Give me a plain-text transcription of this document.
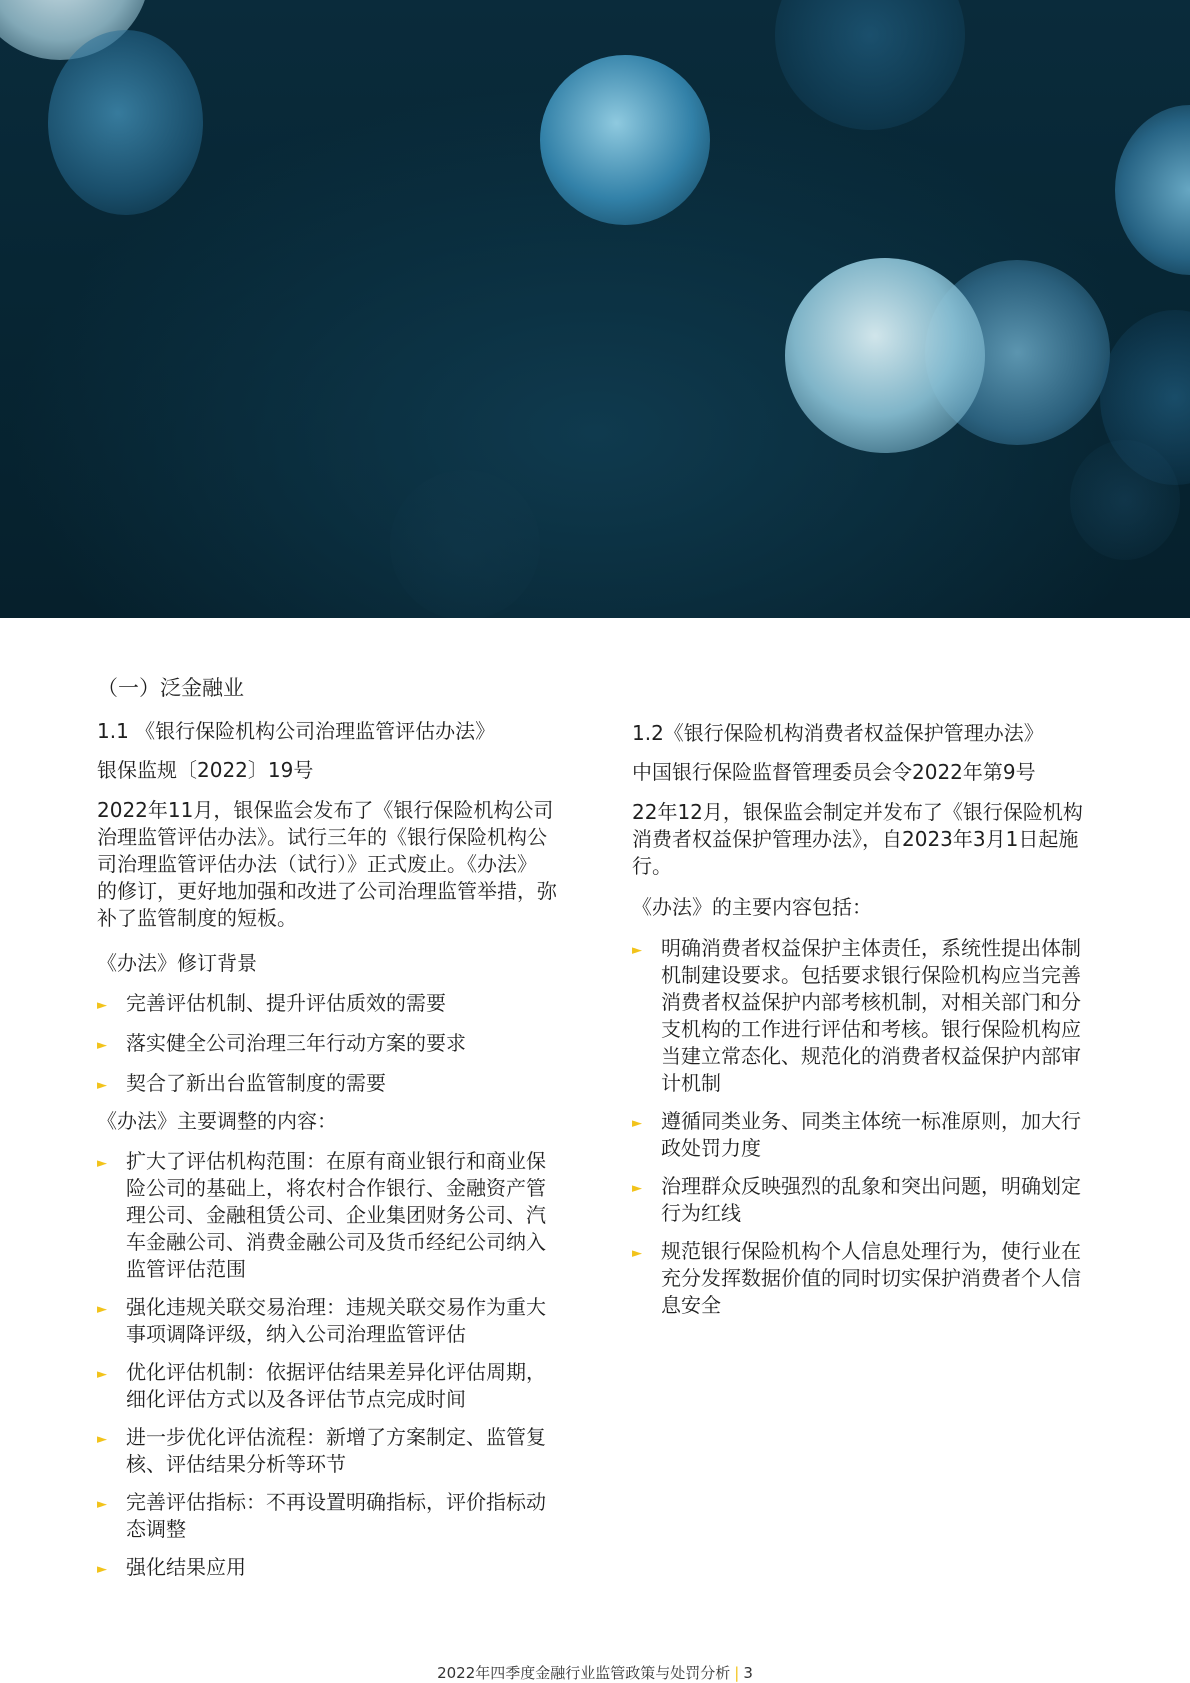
（一）泛金融业

1.1 《银行保险机构公司治理监管评估办法》

银保监规〔2022〕19号

2022年11月，银保监会发布了《银行保险机构公司
治理监管评估办法》。试行三年的《银行保险机构公
司治理监管评估办法（试行）》正式废止。《办法》
的修订，更好地加强和改进了公司治理监管举措，弥
补了监管制度的短板。

《办法》修订背景

► 完善评估机制、提升评估质效的需要
► 落实健全公司治理三年行动方案的要求
► 契合了新出台监管制度的需要

《办法》主要调整的内容：

► 扩大了评估机构范围：在原有商业银行和商业保
险公司的基础上，将农村合作银行、金融资产管
理公司、金融租赁公司、企业集团财务公司、汽
车金融公司、消费金融公司及货币经纪公司纳入
监管评估范围
► 强化违规关联交易治理：违规关联交易作为重大
事项调降评级，纳入公司治理监管评估
► 优化评估机制：依据评估结果差异化评估周期，
细化评估方式以及各评估节点完成时间
► 进一步优化评估流程：新增了方案制定、监管复
核、评估结果分析等环节
► 完善评估指标：不再设置明确指标，评价指标动
态调整
► 强化结果应用

1.2《银行保险机构消费者权益保护管理办法》

中国银行保险监督管理委员会令2022年第9号

22年12月，银保监会制定并发布了《银行保险机构
消费者权益保护管理办法》，自2023年3月1日起施
行。

《办法》的主要内容包括：

► 明确消费者权益保护主体责任，系统性提出体制
机制建设要求。包括要求银行保险机构应当完善
消费者权益保护内部考核机制，对相关部门和分
支机构的工作进行评估和考核。银行保险机构应
当建立常态化、规范化的消费者权益保护内部审
计机制
► 遵循同类业务、同类主体统一标准原则，加大行
政处罚力度
► 治理群众反映强烈的乱象和突出问题，明确划定
行为红线
► 规范银行保险机构个人信息处理行为，使行业在
充分发挥数据价值的同时切实保护消费者个人信
息安全
2022年四季度金融行业监管政策与处罚分析 | 3
